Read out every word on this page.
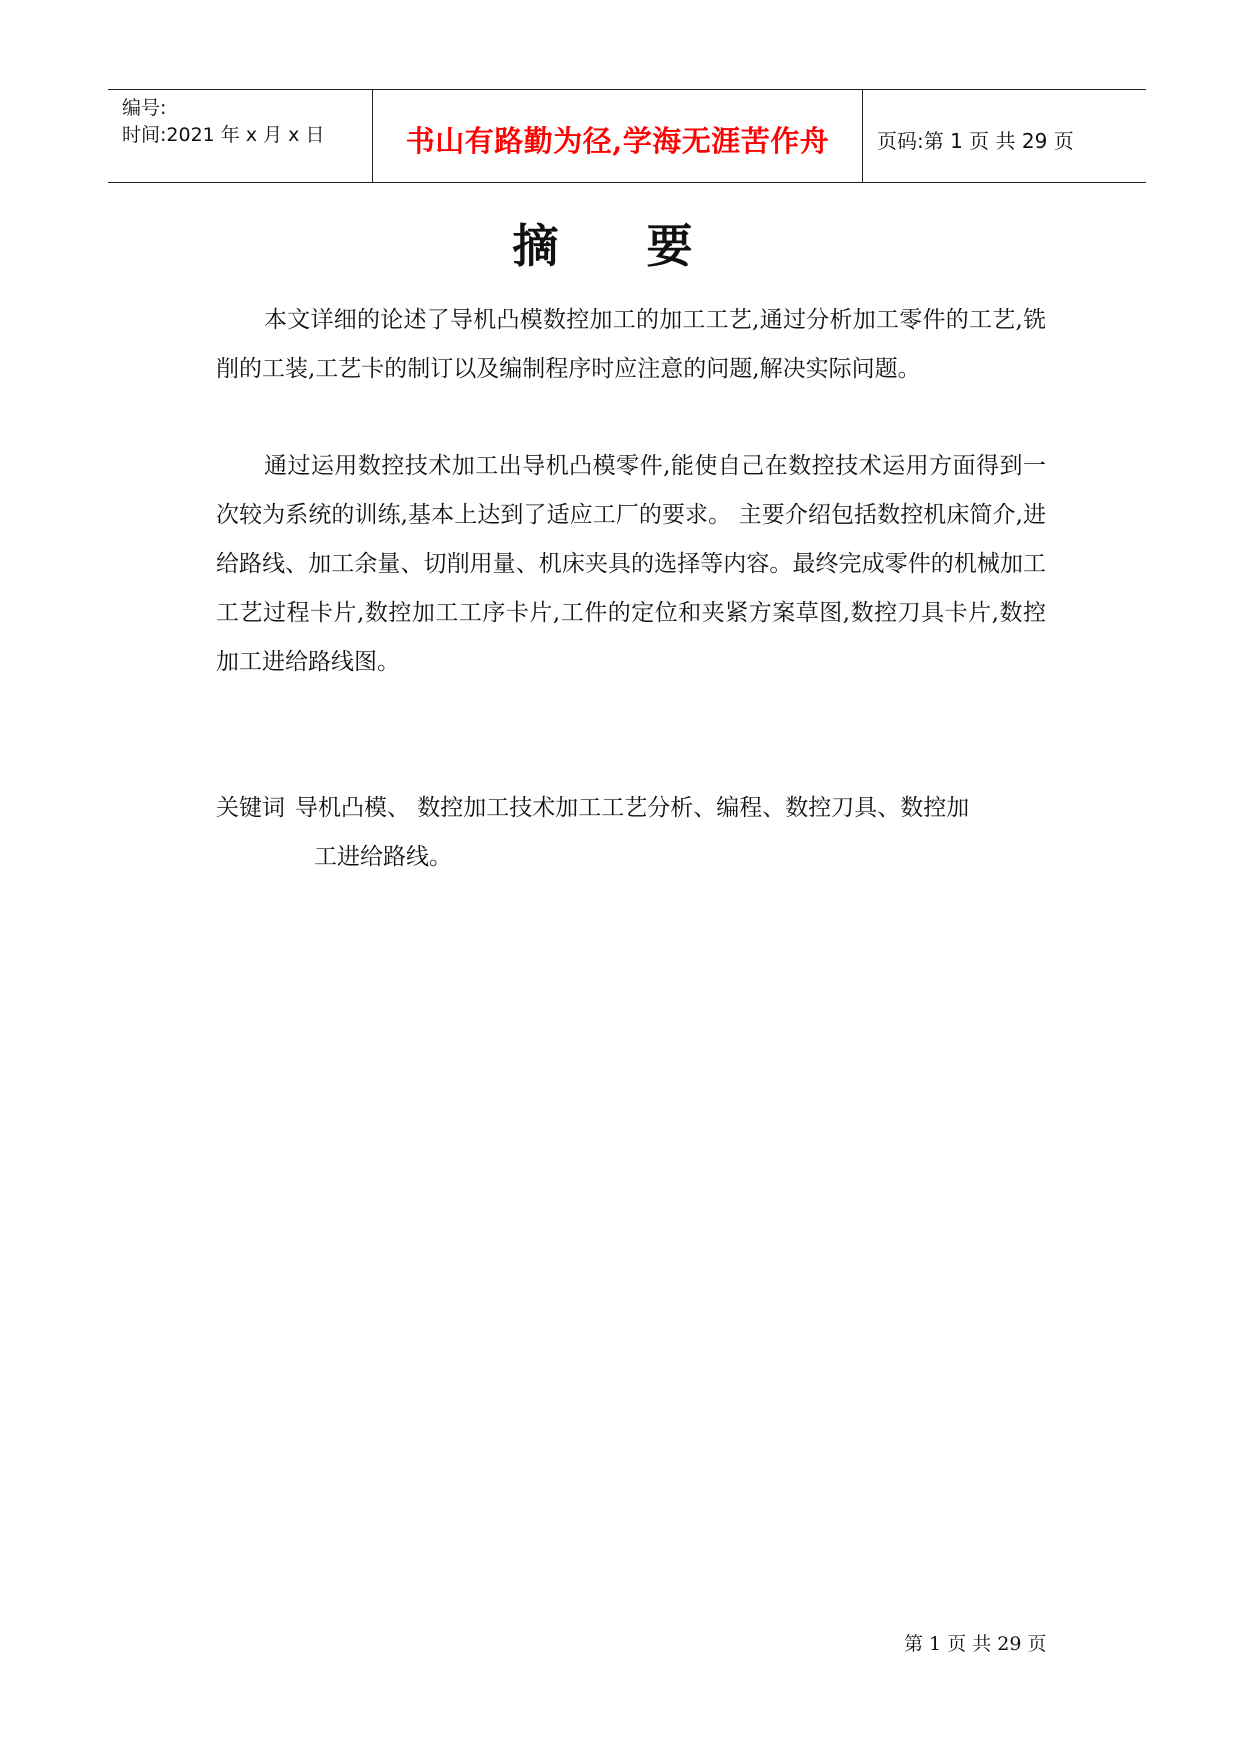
编号:
时间:2021 年 x 月 x 日	书山有路勤为径,学海无涯苦作舟	页码:第 1 页 共 29 页
摘 要

本文详细的论述了导机凸模数控加工的加工工艺,通过分析加工零件的工艺,铣削的工装,工艺卡的制订以及编制程序时应注意的问题,解决实际问题。

通过运用数控技术加工出导机凸模零件,能使自己在数控技术运用方面得到一次较为系统的训练,基本上达到了适应工厂的要求。 主要介绍包括数控机床简介,进给路线、加工余量、切削用量、机床夹具的选择等内容。最终完成零件的机械加工工艺过程卡片,数控加工工序卡片,工件的定位和夹紧方案草图,数控刀具卡片,数控加工进给路线图。

关键词 导机凸模、 数控加工技术加工工艺分析、编程、数控刀具、数控加
工进给路线。
第 1 页 共 29 页
